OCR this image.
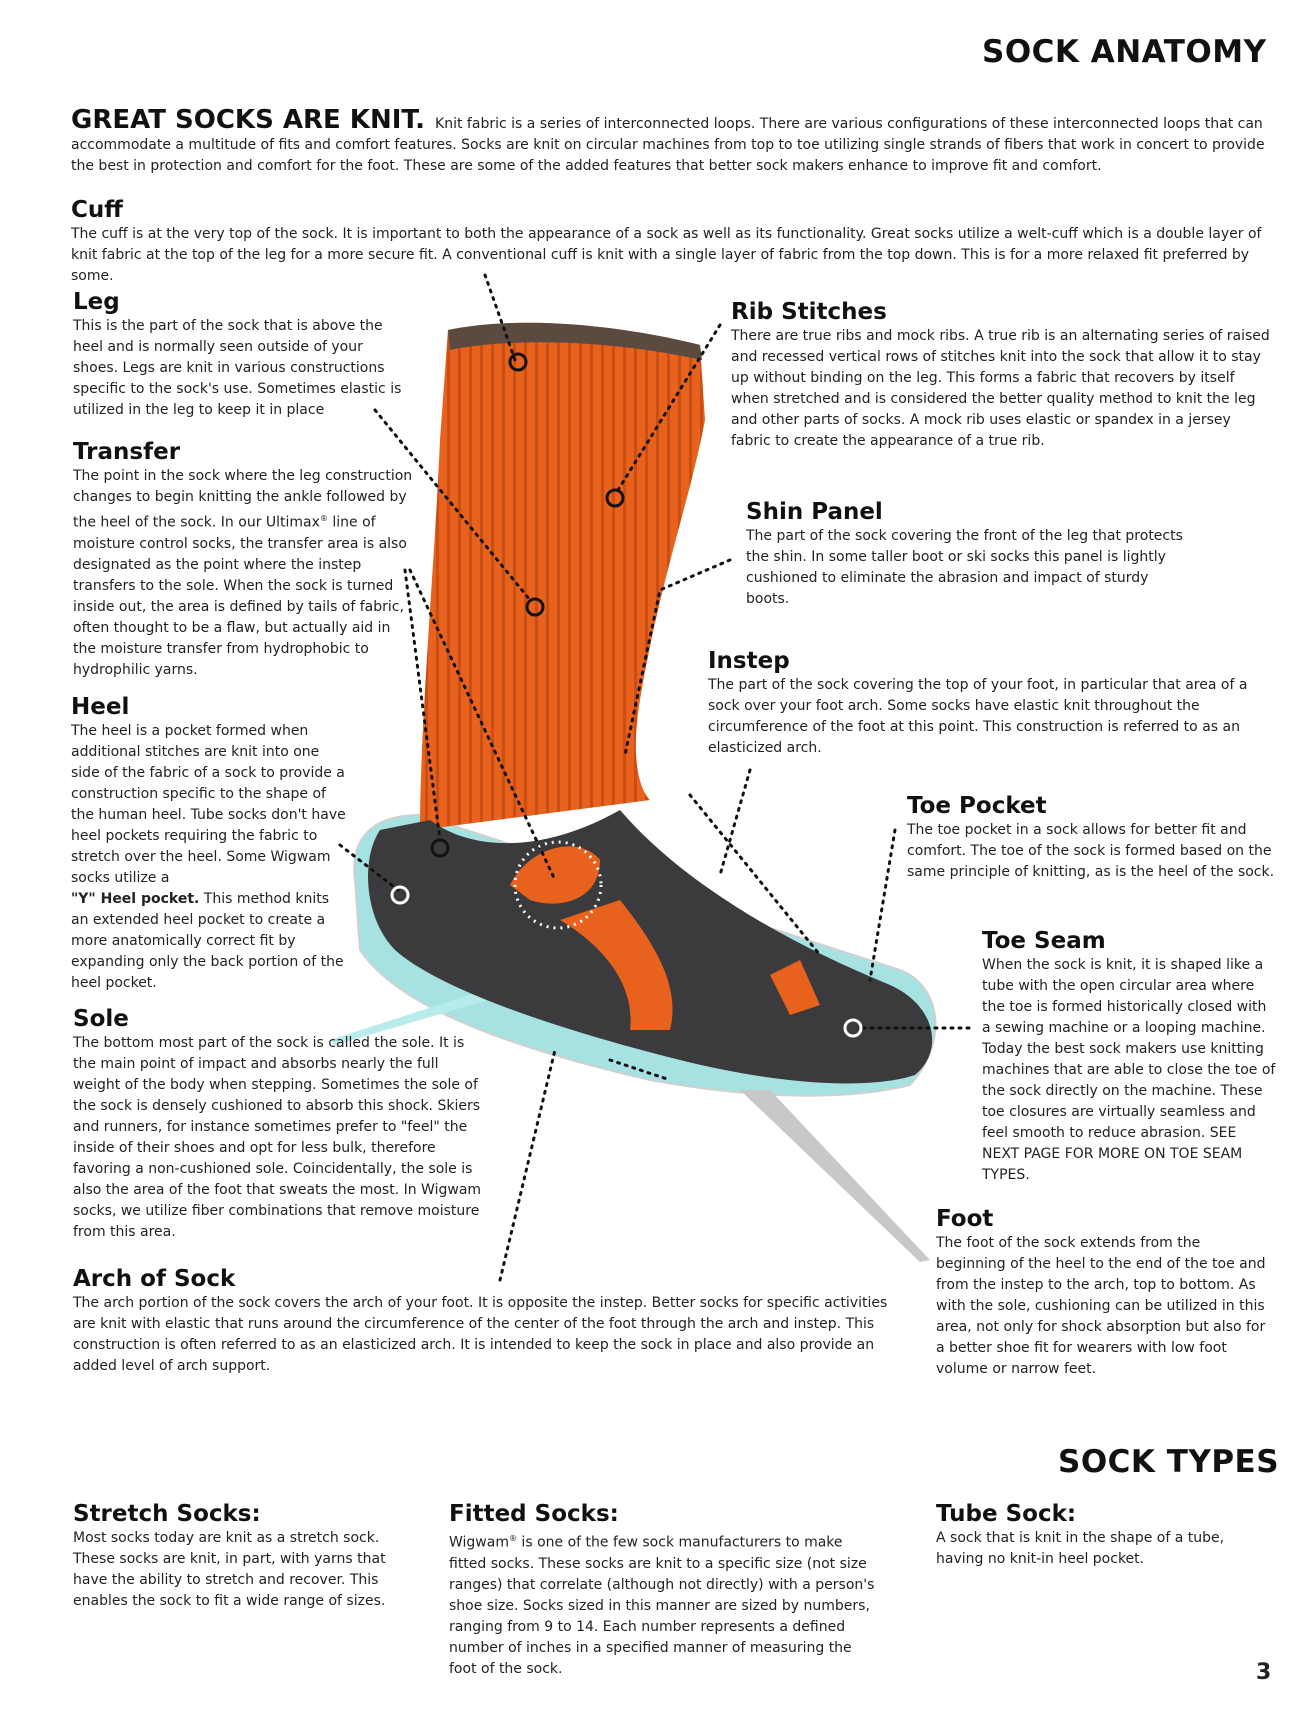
SOCK ANATOMY

GREAT SOCKS ARE KNIT. Knit fabric is a series of interconnected loops. There are various configurations of these interconnected loops that can accommodate a multitude of fits and comfort features. Socks are knit on circular machines from top to toe utilizing single strands of fibers that work in concert to provide the best in protection and comfort for the foot. These are some of the added features that better sock makers enhance to improve fit and comfort.

Cuff

The cuff is at the very top of the sock. It is important to both the appearance of a sock as well as its functionality. Great socks utilize a welt-cuff which is a double layer of knit fabric at the top of the leg for a more secure fit. A conventional cuff is knit with a single layer of fabric from the top down. This is for a more relaxed fit preferred by some.

Leg

This is the part of the sock that is above the heel and is normally seen outside of your shoes. Legs are knit in various constructions specific to the sock's use. Sometimes elastic is utilized in the leg to keep it in place

Transfer

The point in the sock where the leg construction changes to begin knitting the ankle followed by the heel of the sock. In our Ultimax® line of moisture control socks, the transfer area is also designated as the point where the instep transfers to the sole. When the sock is turned inside out, the area is defined by tails of fabric, often thought to be a flaw, but actually aid in the moisture transfer from hydrophobic to hydrophilic yarns.

Heel

The heel is a pocket formed when additional stitches are knit into one side of the fabric of a sock to provide a construction specific to the shape of the human heel. Tube socks don't have heel pockets requiring the fabric to stretch over the heel. Some Wigwam socks utilize a
"Y" Heel pocket. This method knits an extended heel pocket to create a more anatomically correct fit by expanding only the back portion of the heel pocket.

Sole

The bottom most part of the sock is called the sole. It is the main point of impact and absorbs nearly the full weight of the body when stepping. Sometimes the sole of the sock is densely cushioned to absorb this shock. Skiers and runners, for instance sometimes prefer to "feel" the inside of their shoes and opt for less bulk, therefore favoring a non-cushioned sole. Coincidentally, the sole is also the area of the foot that sweats the most. In Wigwam socks, we utilize fiber combinations that remove moisture from this area.

Arch of Sock

The arch portion of the sock covers the arch of your foot. It is opposite the instep. Better socks for specific activities are knit with elastic that runs around the circumference of the center of the foot through the arch and instep. This construction is often referred to as an elasticized arch. It is intended to keep the sock in place and also provide an added level of arch support.

Rib Stitches

There are true ribs and mock ribs. A true rib is an alternating series of raised and recessed vertical rows of stitches knit into the sock that allow it to stay up without binding on the leg. This forms a fabric that recovers by itself when stretched and is considered the better quality method to knit the leg and other parts of socks. A mock rib uses elastic or spandex in a jersey fabric to create the appearance of a true rib.

Shin Panel

The part of the sock covering the front of the leg that protects the shin. In some taller boot or ski socks this panel is lightly cushioned to eliminate the abrasion and impact of sturdy boots.

Instep

The part of the sock covering the top of your foot, in particular that area of a sock over your foot arch. Some socks have elastic knit throughout the circumference of the foot at this point. This construction is referred to as an elasticized arch.

Toe Pocket

The toe pocket in a sock allows for better fit and comfort. The toe of the sock is formed based on the same principle of knitting, as is the heel of the sock.

Toe Seam

When the sock is knit, it is shaped like a tube with the open circular area where the toe is formed historically closed with a sewing machine or a looping machine. Today the best sock makers use knitting machines that are able to close the toe of the sock directly on the machine. These toe closures are virtually seamless and feel smooth to reduce abrasion. SEE NEXT PAGE FOR MORE ON TOE SEAM TYPES.

Foot

The foot of the sock extends from the beginning of the heel to the end of the toe and from the instep to the arch, top to bottom. As with the sole, cushioning can be utilized in this area, not only for shock absorption but also for a better shoe fit for wearers with low foot volume or narrow feet.

SOCK TYPES
Stretch Socks:

Most socks today are knit as a stretch sock. These socks are knit, in part, with yarns that have the ability to stretch and recover. This enables the sock to fit a wide range of sizes.

Fitted Socks:

Wigwam® is one of the few sock manufacturers to make fitted socks. These socks are knit to a specific size (not size ranges) that correlate (although not directly) with a person's shoe size. Socks sized in this manner are sized by numbers, ranging from 9 to 14. Each number represents a defined number of inches in a specified manner of measuring the foot of the sock.

Tube Sock:

A sock that is knit in the shape of a tube, having no knit-in heel pocket.

3
